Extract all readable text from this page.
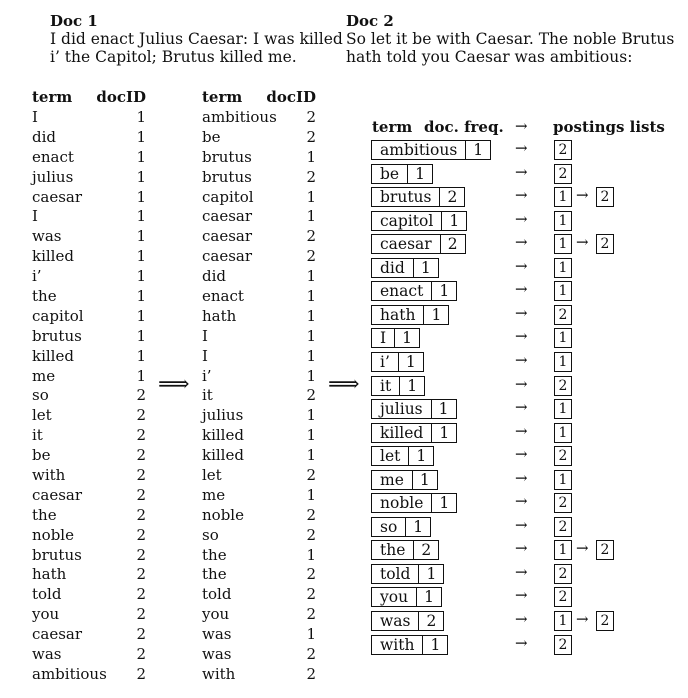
Doc 1
I did enact Julius Caesar: I was killed
i’ the Capitol; Brutus killed me.
Doc 2
So let it be with Caesar. The noble Brutus
hath told you Caesar was ambitious:
term docID
I	1
did	1
enact	1
julius	1
caesar	1
I	1
was	1
killed	1
i’	1
the	1
capitol	1
brutus	1
killed	1
me	1
so	2
let	2
it	2
be	2
with	2
caesar	2
the	2
noble	2
brutus	2
hath	2
told	2
you	2
caesar	2
was	2
ambitious 2
⟹
term docID
ambitious 2
be	2
brutus	1
brutus	2
capitol	1
caesar	1
caesar	2
caesar	2
did	1
enact	1
hath	1
I	1
I	1
i’	1
it	2
julius	1
killed	1
killed	1
let	2
me	1
noble	2
so	2
the	1
the	2
told	2
you	2
was	1
was	2
with	2
⟹
term doc. freq. → postings lists
ambitious	1	→	2
be	1	→	2
brutus	2	→	1 → 2
capitol	1	→	1
caesar	2	→	1 → 2
did	1	→	1
enact	1	→	1
hath	1	→	2
I	1	→	1
i’	1	→	1
it	1	→	2
julius	1	→	1
killed	1	→	1
let	1	→	2
me	1	→	1
noble	1	→	2
so	1	→	2
the	2	→	1 → 2
told	1	→	2
you	1	→	2
was	2	→	1 → 2
with	1	→	2
